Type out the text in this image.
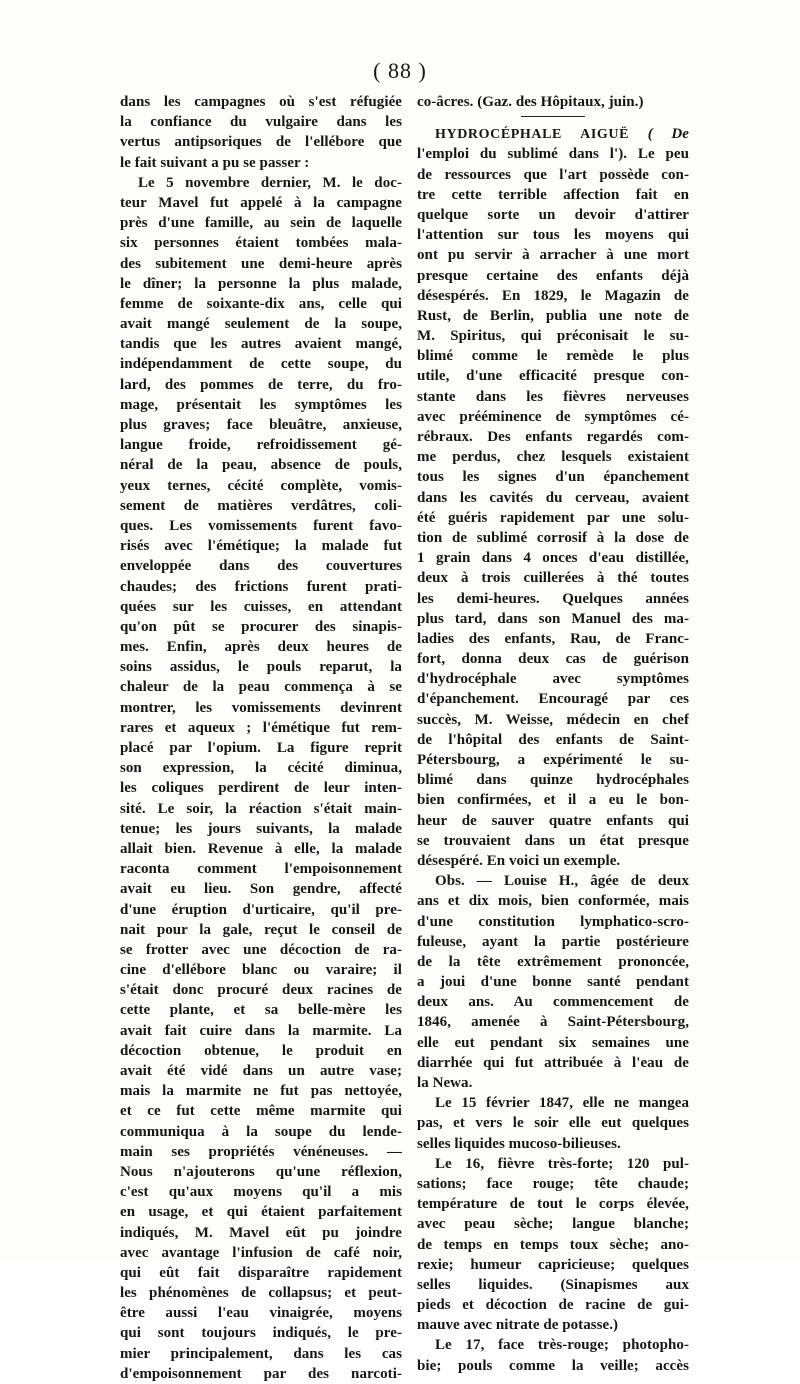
( 88 )
dans les campagnes où s'est réfugiée
la confiance du vulgaire dans les
vertus antipsoriques de l'ellébore que
le fait suivant a pu se passer :
Le 5 novembre dernier, M. le doc-
teur Mavel fut appelé à la campagne
près d'une famille, au sein de laquelle
six personnes étaient tombées mala-
des subitement une demi-heure après
le dîner; la personne la plus malade,
femme de soixante-dix ans, celle qui
avait mangé seulement de la soupe,
tandis que les autres avaient mangé,
indépendamment de cette soupe, du
lard, des pommes de terre, du fro-
mage, présentait les symptômes les
plus graves; face bleuâtre, anxieuse,
langue froide, refroidissement gé-
néral de la peau, absence de pouls,
yeux ternes, cécité complète, vomis-
sement de matières verdâtres, coli-
ques. Les vomissements furent favo-
risés avec l'émétique; la malade fut
enveloppée dans des couvertures
chaudes; des frictions furent prati-
quées sur les cuisses, en attendant
qu'on pût se procurer des sinapis-
mes. Enfin, après deux heures de
soins assidus, le pouls reparut, la
chaleur de la peau commença à se
montrer, les vomissements devinrent
rares et aqueux ; l'émétique fut rem-
placé par l'opium. La figure reprit
son expression, la cécité diminua,
les coliques perdirent de leur inten-
sité. Le soir, la réaction s'était main-
tenue; les jours suivants, la malade
allait bien. Revenue à elle, la malade
raconta comment l'empoisonnement
avait eu lieu. Son gendre, affecté
d'une éruption d'urticaire, qu'il pre-
nait pour la gale, reçut le conseil de
se frotter avec une décoction de ra-
cine d'ellébore blanc ou varaire; il
s'était donc procuré deux racines de
cette plante, et sa belle-mère les
avait fait cuire dans la marmite. La
décoction obtenue, le produit en
avait été vidé dans un autre vase;
mais la marmite ne fut pas nettoyée,
et ce fut cette même marmite qui
communiqua à la soupe du lende-
main ses propriétés vénéneuses. —
Nous n'ajouterons qu'une réflexion,
c'est qu'aux moyens qu'il a mis
en usage, et qui étaient parfaitement
indiqués, M. Mavel eût pu joindre
avec avantage l'infusion de café noir,
qui eût fait disparaître rapidement
les phénomènes de collapsus; et peut-
être aussi l'eau vinaigrée, moyens
qui sont toujours indiqués, le pre-
mier principalement, dans les cas
d'empoisonnement par des narcoti-
co-âcres. (Gaz. des Hôpitaux, juin.)
HYDROCÉPHALE AIGUË ( De
l'emploi du sublimé dans l'). Le peu
de ressources que l'art possède con-
tre cette terrible affection fait en
quelque sorte un devoir d'attirer
l'attention sur tous les moyens qui
ont pu servir à arracher à une mort
presque certaine des enfants déjà
désespérés. En 1829, le Magazin de
Rust, de Berlin, publia une note de
M. Spiritus, qui préconisait le su-
blimé comme le remède le plus
utile, d'une efficacité presque con-
stante dans les fièvres nerveuses
avec prééminence de symptômes cé-
rébraux. Des enfants regardés com-
me perdus, chez lesquels existaient
tous les signes d'un épanchement
dans les cavités du cerveau, avaient
été guéris rapidement par une solu-
tion de sublimé corrosif à la dose de
1 grain dans 4 onces d'eau distillée,
deux à trois cuillerées à thé toutes
les demi-heures. Quelques années
plus tard, dans son Manuel des ma-
ladies des enfants, Rau, de Franc-
fort, donna deux cas de guérison
d'hydrocéphale avec symptômes
d'épanchement. Encouragé par ces
succès, M. Weisse, médecin en chef
de l'hôpital des enfants de Saint-
Pétersbourg, a expérimenté le su-
blimé dans quinze hydrocéphales
bien confirmées, et il a eu le bon-
heur de sauver quatre enfants qui
se trouvaient dans un état presque
désespéré. En voici un exemple.
Obs. — Louise H., âgée de deux
ans et dix mois, bien conformée, mais
d'une constitution lymphatico-scro-
fuleuse, ayant la partie postérieure
de la tête extrêmement prononcée,
a joui d'une bonne santé pendant
deux ans. Au commencement de
1846, amenée à Saint-Pétersbourg,
elle eut pendant six semaines une
diarrhée qui fut attribuée à l'eau de
la Newa.
Le 15 février 1847, elle ne mangea
pas, et vers le soir elle eut quelques
selles liquides mucoso-bilieuses.
Le 16, fièvre très-forte; 120 pul-
sations; face rouge; tête chaude;
température de tout le corps élevée,
avec peau sèche; langue blanche;
de temps en temps toux sèche; ano-
rexie; humeur capricieuse; quelques
selles liquides. (Sinapismes aux
pieds et décoction de racine de gui-
mauve avec nitrate de potasse.)
Le 17, face très-rouge; photopho-
bie; pouls comme la veille; accès
